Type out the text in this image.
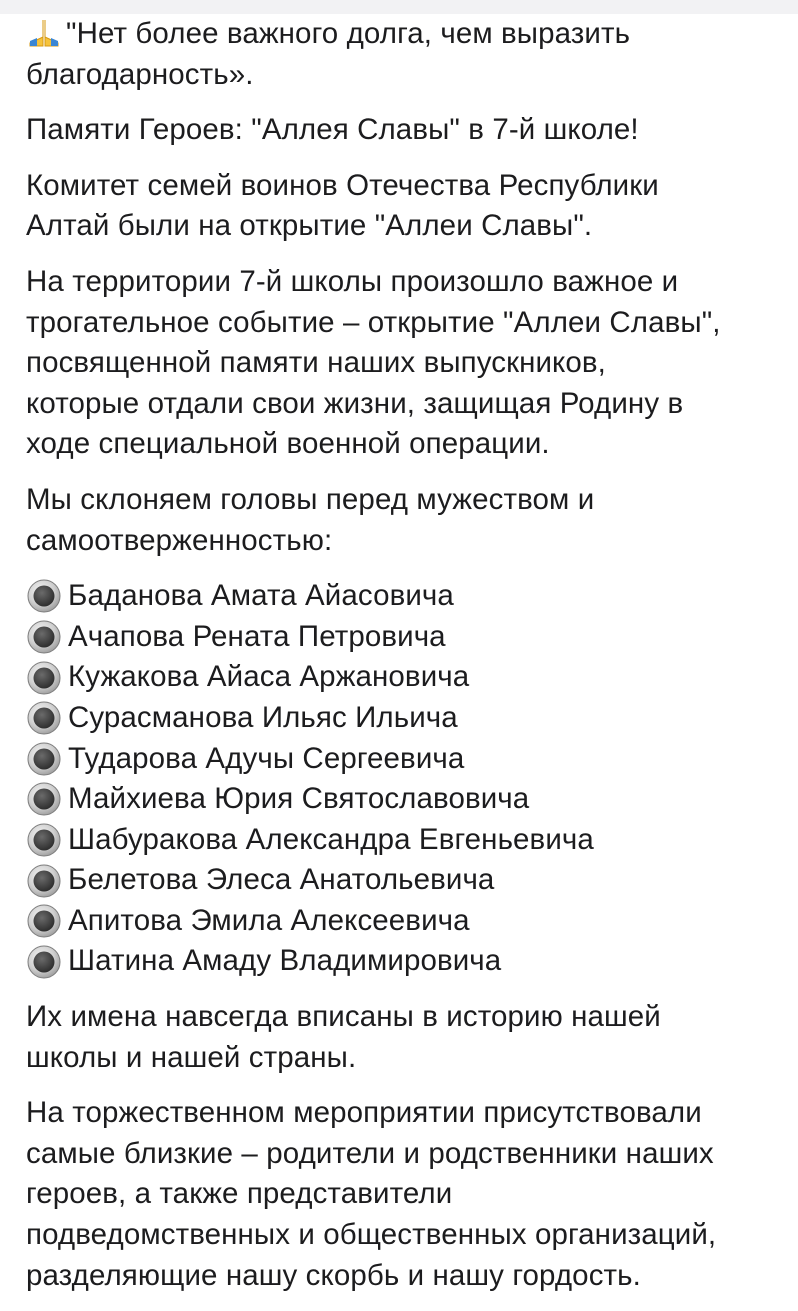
"Нет более важного долга, чем выразить
благодарность».

Памяти Героев: "Аллея Славы" в 7-й школе!

Комитет семей воинов Отечества Республики
Алтай были на открытие "Аллеи Славы".

На территории 7-й школы произошло важное и
трогательное событие – открытие "Аллеи Славы",
посвященной памяти наших выпускников,
которые отдали свои жизни, защищая Родину в
ходе специальной военной операции.

Мы склоняем головы перед мужеством и
самоотверженностью:

Баданова Амата Айасовича
Ачапова Рената Петровича
Кужакова Айаса Аржановича
Сурасманова Ильяс Ильича
Тударова Адучы Сергеевича
Майхиева Юрия Святославовича
Шабуракова Александра Евгеньевича
Белетова Элеса Анатольевича
Апитова Эмила Алексеевича
Шатина Амаду Владимировича

Их имена навсегда вписаны в историю нашей
школы и нашей страны.

На торжественном мероприятии присутствовали
самые близкие – родители и родственники наших
героев, а также представители
подведомственных и общественных организаций,
разделяющие нашу скорбь и нашу гордость.
